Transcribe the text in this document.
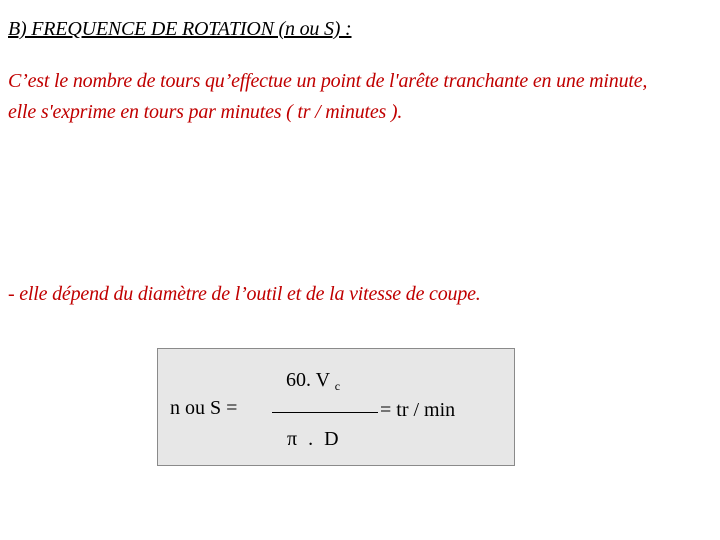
B) FREQUENCE DE ROTATION (n ou S) :
C’est le nombre de tours qu’effectue un point de l'arête tranchante en une minute,
elle s'exprime en tours par minutes ( tr / minutes ).
- elle dépend du diamètre de l’outil et de la vitesse de coupe.
n ou S =
60. V $_c$
π . D
= tr / min
